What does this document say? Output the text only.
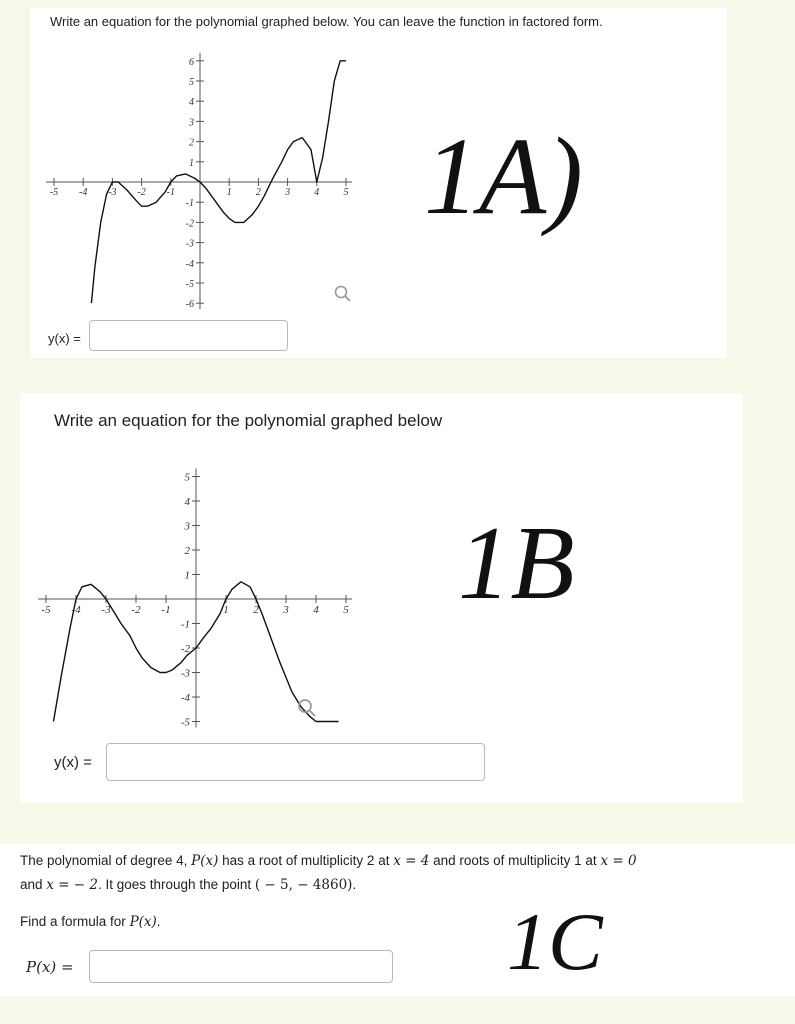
Write an equation for the polynomial graphed below. You can leave the function in factored form.
-5 -4 -3 -2 -1	1 2 3 4 5
6
5
4
3
2
1
-1
-2
-3
-4
-5
-6
1A)
y(x) =
Write an equation for the polynomial graphed below
-5 -4 -3 -2 -1	1 2 3 4 5
5
4
3
2
1
-1
-2
-3
-4
-5
1B
y(x) =
The polynomial of degree 4, P(x) has a root of multiplicity 2 at x = 4 and roots of multiplicity 1 at x = 0
and x = − 2. It goes through the point ( − 5, − 4860).
Find a formula for P(x).
P(x) =	1C
